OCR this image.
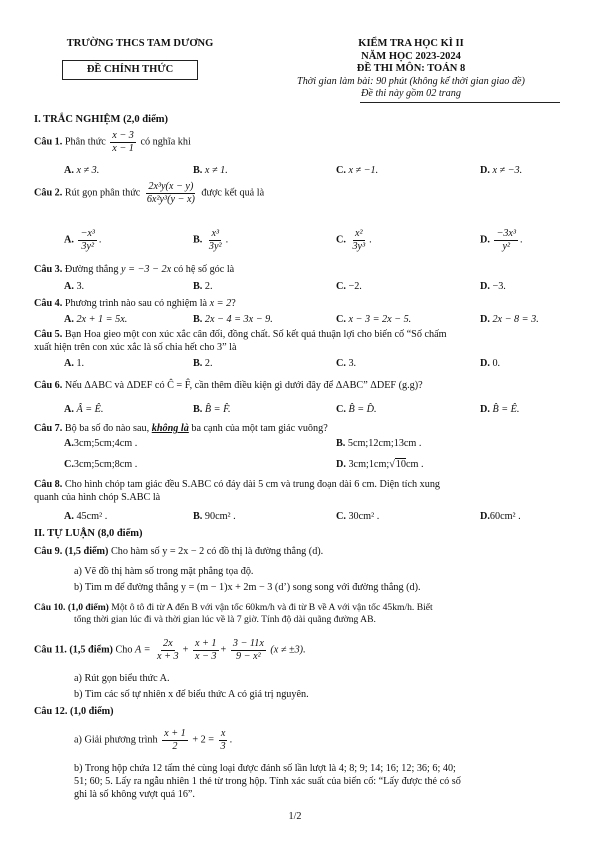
TRƯỜNG THCS TAM DƯƠNG
ĐỀ CHÍNH THỨC
KIỂM TRA HỌC KÌ II
NĂM HỌC 2023-2024
ĐỀ THI MÔN: TOÁN 8
Thời gian làm bài: 90 phút (không kể thời gian giao đề)
Đề thi này gồm 02 trang
I. TRẮC NGHIỆM (2,0 điểm)
Câu 1. Phân thức $\frac{x - 3}{x - 1}$ có nghĩa khi
A. x ≠ 3.	B. x ≠ 1.	C. x ≠ −1.	D. x ≠ −3.
Câu 2. Rút gọn phân thức $\frac{\text{2x³y(x − y)}}{\text{6x²y³(y − x)}}$ được kết quả là
A. $\frac{\text{−x³}}{\text{3y²}}$ .	B. $\frac{\text{x³}}{\text{3y²}}$ .	C. $\frac{\text{x²}}{\text{3y³}}$ .	D. $\frac{\text{−3x³}}{\text{y²}}$ .
Câu 3. Đường thẳng y = −3 − 2x có hệ số góc là
A. 3.	B. 2.	C. −2.	D. −3.
Câu 4. Phương trình nào sau có nghiệm là x = 2?
A. 2x + 1 = 5x.	B. 2x − 4 = 3x − 9.	C. x − 3 = 2x − 5.	D. 2x − 8 = 3.
Câu 5. Bạn Hoa gieo một con xúc xắc cân đối, đồng chất. Số kết quả thuận lợi cho biến cố “Số chấm
xuất hiện trên con xúc xắc là số chia hết cho 3” là
A. 1.	B. 2.	C. 3.	D. 0.
Câu 6. Nếu ΔABC và ΔDEF có Ĉ = F̂, cần thêm điều kiện gì dưới đây để ΔABC” ΔDEF (g.g)?
A. Â = Ê.	B. B̂ = F̂.	C. B̂ = D̂.	D. B̂ = Ê.
Câu 7. Bộ ba số đo nào sau, không là ba cạnh của một tam giác vuông?
A.3cm;5cm;4cm .	B. 5cm;12cm;13cm .
C.3cm;5cm;8cm .	D. 3cm;1cm;√10cm .
Câu 8. Cho hình chóp tam giác đều S.ABC có đáy dài 5 cm và trung đoạn dài 6 cm. Diện tích xung
quanh của hình chóp S.ABC là
A. 45cm² .	B. 90cm² .	C. 30cm² .	D.60cm² .
II. TỰ LUẬN (8,0 điểm)
Câu 9. (1,5 điểm) Cho hàm số y = 2x − 2 có đồ thị là đường thẳng (d).
a) Vẽ đồ thị hàm số trong mặt phẳng tọa độ.
b) Tìm m để đường thẳng y = (m − 1)x + 2m − 3 (d’) song song với đường thẳng (d).
Câu 10. (1,0 điểm) Một ô tô đi từ A đến B với vận tốc 60km/h và đi từ B về A với vận tốc 45km/h. Biết
tổng thời gian lúc đi và thời gian lúc về là 7 giờ. Tính độ dài quãng đường AB.
Câu 11. (1,5 điểm) Cho $A = \frac{2x}{x + 3} + \frac{x + 1}{x - 3} + \frac{3 - 11x}{\text{9 − x²}} (x \ne \pm 3)$.
a) Rút gọn biểu thức A.
b) Tìm các số tự nhiên x để biểu thức A có giá trị nguyên.
Câu 12. (1,0 điểm)
a) Giải phương trình $\frac{x + 1}{2} + 2 = \frac{x}{3}$ .
b) Trong hộp chứa 12 tấm thẻ cùng loại được đánh số lần lượt là 4; 8; 9; 14; 16; 12; 36; 6; 40;
51; 60; 5. Lấy ra ngẫu nhiên 1 thẻ từ trong hộp. Tính xác suất của biến cố: “Lấy được thẻ có số
ghi là số không vượt quá 16”.
1/2
